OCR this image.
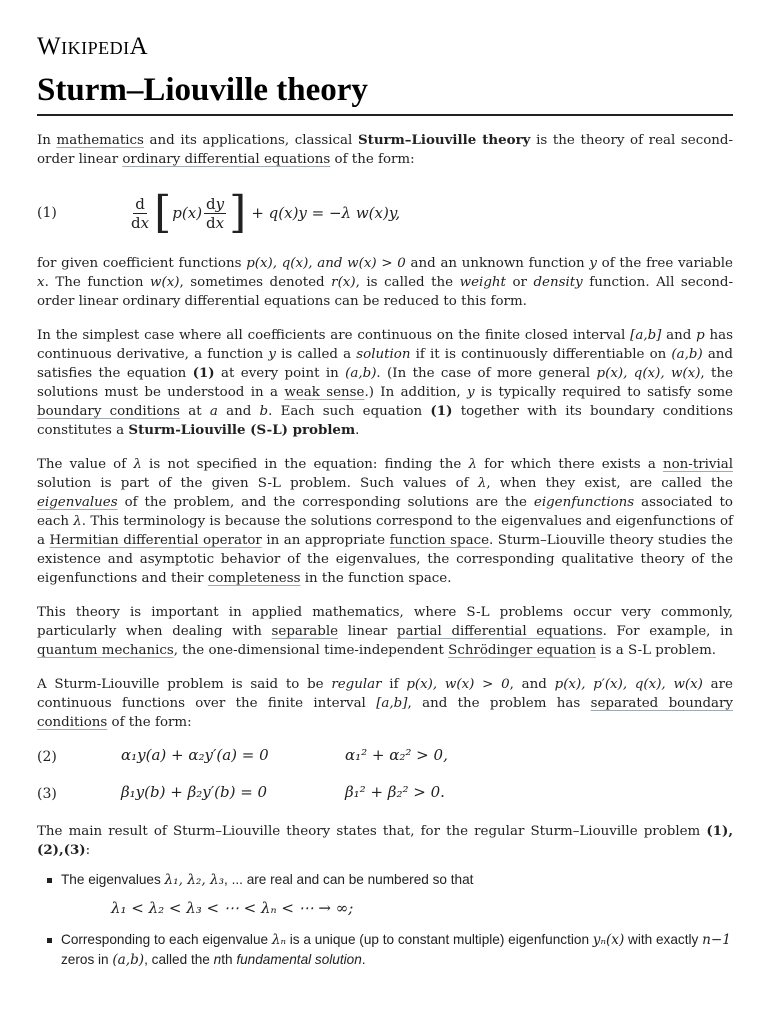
WIKIPEDIA
Sturm–Liouville theory

In mathematics and its applications, classical Sturm–Liouville theory is the theory of real second-order linear ordinary differential equations of the form:

(1)	$\frac{d}{dx}$ [ $p(x) \frac{dy}{dx}$ ] + q(x)y = −λ w(x)y,

for given coefficient functions p(x), q(x), and w(x) > 0 and an unknown function y of the free variable x. The function w(x), sometimes denoted r(x), is called the weight or density function. All second-order linear ordinary differential equations can be reduced to this form.

In the simplest case where all coefficients are continuous on the finite closed interval [a,b] and p has continuous derivative, a function y is called a solution if it is continuously differentiable on (a,b) and satisfies the equation (1) at every point in (a,b). (In the case of more general p(x), q(x), w(x), the solutions must be understood in a weak sense.) In addition, y is typically required to satisfy some boundary conditions at a and b. Each such equation (1) together with its boundary conditions constitutes a Sturm-Liouville (S-L) problem.

The value of λ is not specified in the equation: finding the λ for which there exists a non-trivial solution is part of the given S-L problem. Such values of λ, when they exist, are called the eigenvalues of the problem, and the corresponding solutions are the eigenfunctions associated to each λ. This terminology is because the solutions correspond to the eigenvalues and eigenfunctions of a Hermitian differential operator in an appropriate function space. Sturm–Liouville theory studies the existence and asymptotic behavior of the eigenvalues, the corresponding qualitative theory of the eigenfunctions and their completeness in the function space.

This theory is important in applied mathematics, where S-L problems occur very commonly, particularly when dealing with separable linear partial differential equations. For example, in quantum mechanics, the one-dimensional time-independent Schrödinger equation is a S-L problem.

A Sturm-Liouville problem is said to be regular if p(x), w(x) > 0, and p(x), p′(x), q(x), w(x) are continuous functions over the finite interval [a,b], and the problem has separated boundary conditions of the form:

(2)	α₁y(a) + α₂y′(a) = 0	α₁² + α₂² > 0,
(3)	β₁y(b) + β₂y′(b) = 0	β₁² + β₂² > 0.

The main result of Sturm–Liouville theory states that, for the regular Sturm–Liouville problem (1),(2),(3):

The eigenvalues λ₁, λ₂, λ₃, ... are real and can be numbered so that
λ₁ < λ₂ < λ₃ < ⋯ < λₙ < ⋯ → ∞;
Corresponding to each eigenvalue λₙ is a unique (up to constant multiple) eigenfunction yₙ(x) with exactly n−1 zeros in (a,b), called the nth fundamental solution.
